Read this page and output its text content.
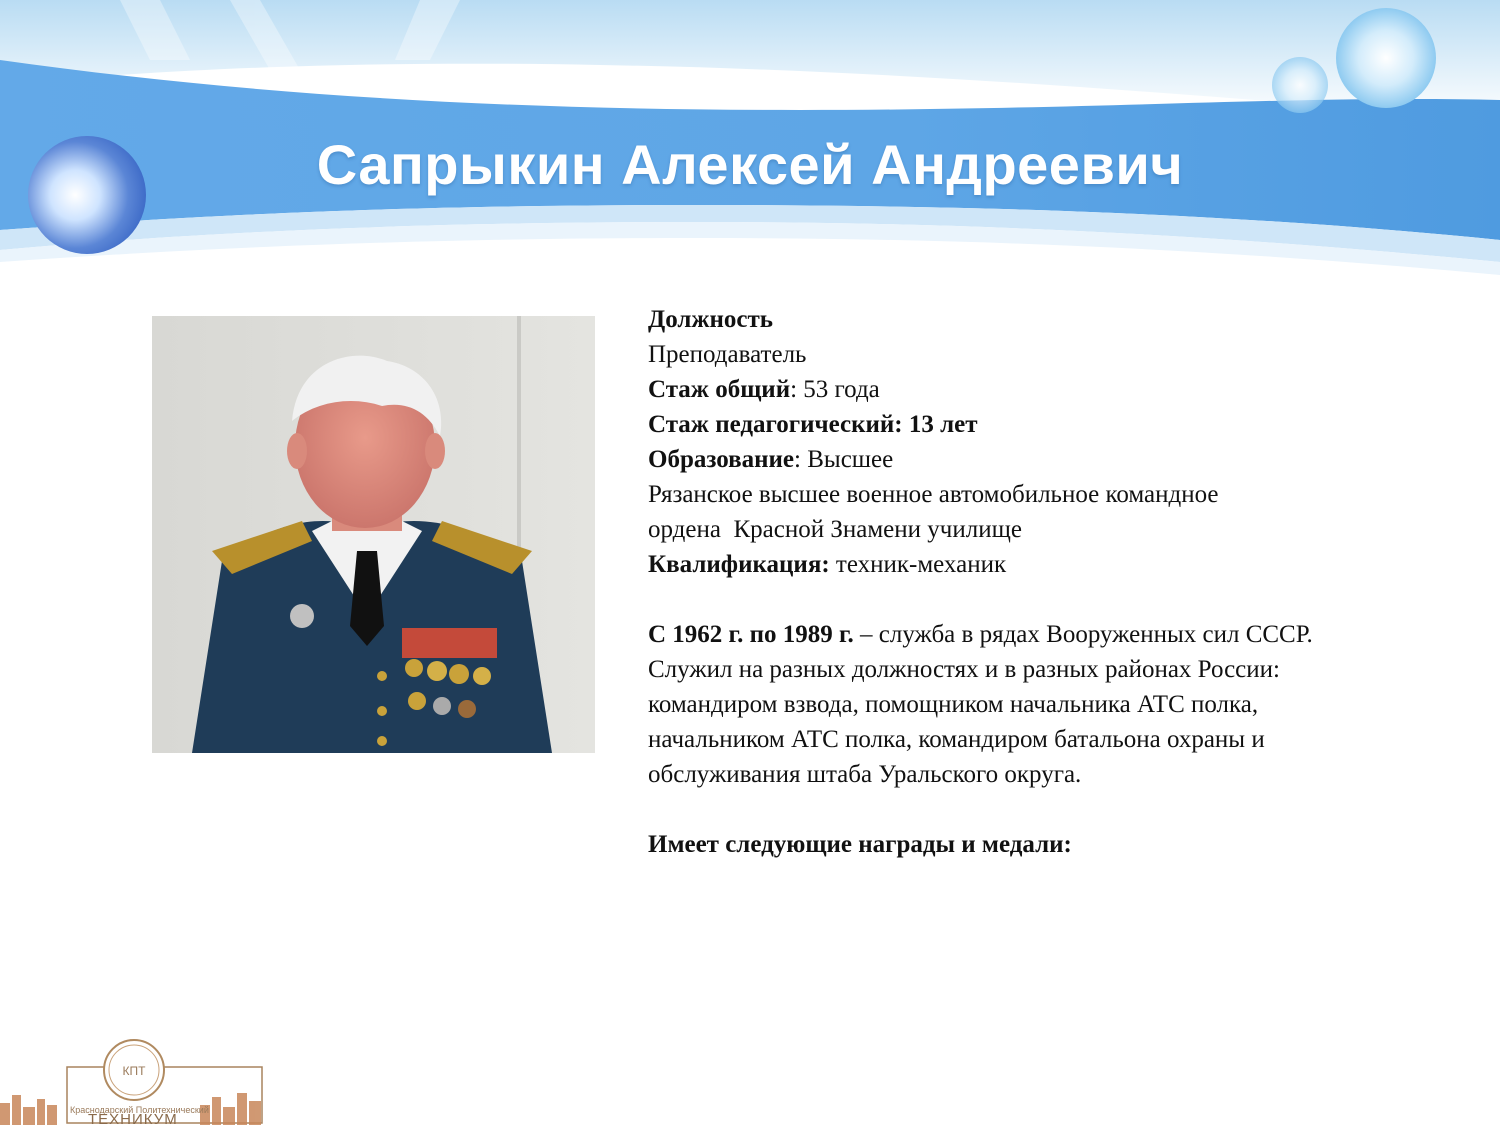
Сапрыкин Алексей Андреевич
Должность
Преподаватель
Стаж общий: 53 года
Стаж педагогический: 13 лет
Образование: Высшее
Рязанское высшее военное автомобильное командное
ордена  Красной Знамени училище
Квалификация: техник-механик
С 1962 г. по 1989 г. – служба в рядах Вооруженных сил СССР.
Служил на разных должностях и в разных районах России:
командиром взвода, помощником начальника АТС полка,
начальником АТС полка, командиром батальона охраны и
обслуживания штаба Уральского округа.
Имеет следующие награды и медали:
КПТ
Краснодарский Политехнический
ТЕХНИКУМ
